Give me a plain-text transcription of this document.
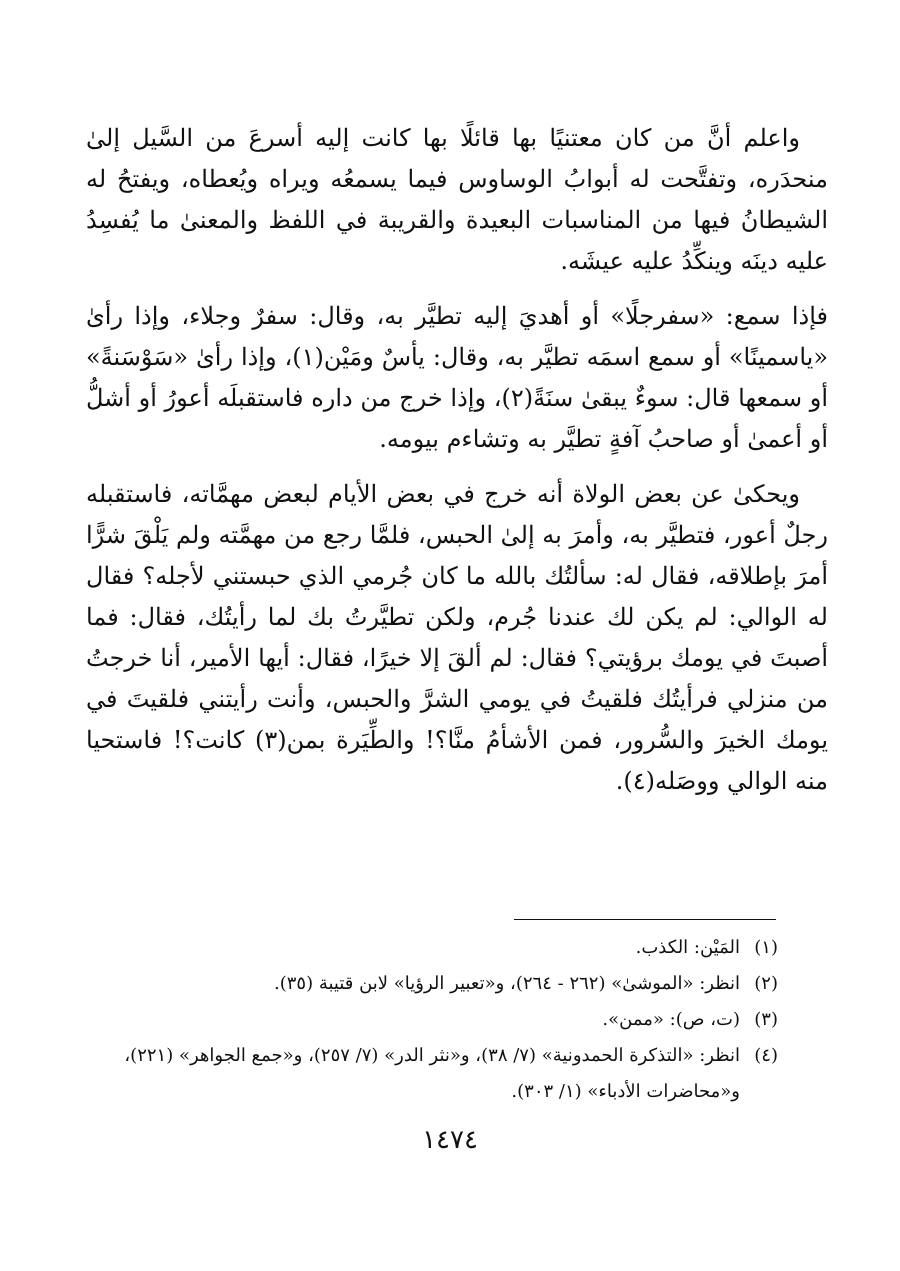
واعلم أنَّ من كان معتنيًا بها قائلًا بها كانت إليه أسرعَ من السَّيل إلىٰ منحدَره، وتفتَّحت له أبوابُ الوساوس فيما يسمعُه ويراه ويُعطاه، ويفتحُ له الشيطانُ فيها من المناسبات البعيدة والقريبة في اللفظ والمعنىٰ ما يُفسِدُ عليه دينَه وينكِّدُ عليه عيشَه.

فإذا سمع: «سفرجلًا» أو أهديَ إليه تطيَّر به، وقال: سفرٌ وجلاء، وإذا رأىٰ «ياسمينًا» أو سمع اسمَه تطيَّر به، وقال: يأسٌ ومَيْن(١)، وإذا رأىٰ «سَوْسَنةً» أو سمعها قال: سوءٌ يبقىٰ سنَةً(٢)، وإذا خرج من داره فاستقبلَه أعورُ أو أشلُّ أو أعمىٰ أو صاحبُ آفةٍ تطيَّر به وتشاءم بيومه.

ويحكىٰ عن بعض الولاة أنه خرج في بعض الأيام لبعض مهمَّاته، فاستقبله رجلٌ أعور، فتطيَّر به، وأمرَ به إلىٰ الحبس، فلمَّا رجع من مهمَّته ولم يَلْقَ شرًّا أمرَ بإطلاقه، فقال له: سألتُك بالله ما كان جُرمي الذي حبستني لأجله؟ فقال له الوالي: لم يكن لك عندنا جُرم، ولكن تطيَّرتُ بك لما رأيتُك، فقال: فما أصبتَ في يومك برؤيتي؟ فقال: لم ألقَ إلا خيرًا، فقال: أيها الأمير، أنا خرجتُ من منزلي فرأيتُك فلقيتُ في يومي الشرَّ والحبس، وأنت رأيتني فلقيتَ في يومك الخيرَ والسُّرور، فمن الأشأمُ منَّا؟! والطِّيَرة بمن(٣) كانت؟! فاستحيا منه الوالي ووصَله(٤).

(١)
المَيْن: الكذب.
(٢)
انظر: «الموشىٰ» (٢٦٢ - ٢٦٤)، و«تعبير الرؤيا» لابن قتيبة (٣٥).
(٣)
(ت، ص): «ممن».
(٤)
انظر: «التذكرة الحمدونية» (٧/ ٣٨)، و«نثر الدر» (٧/ ٢٥٧)، و«جمع الجواهر» (٢٢١)، و«محاضرات الأدباء» (١/ ٣٠٣).
١٤٧٤
